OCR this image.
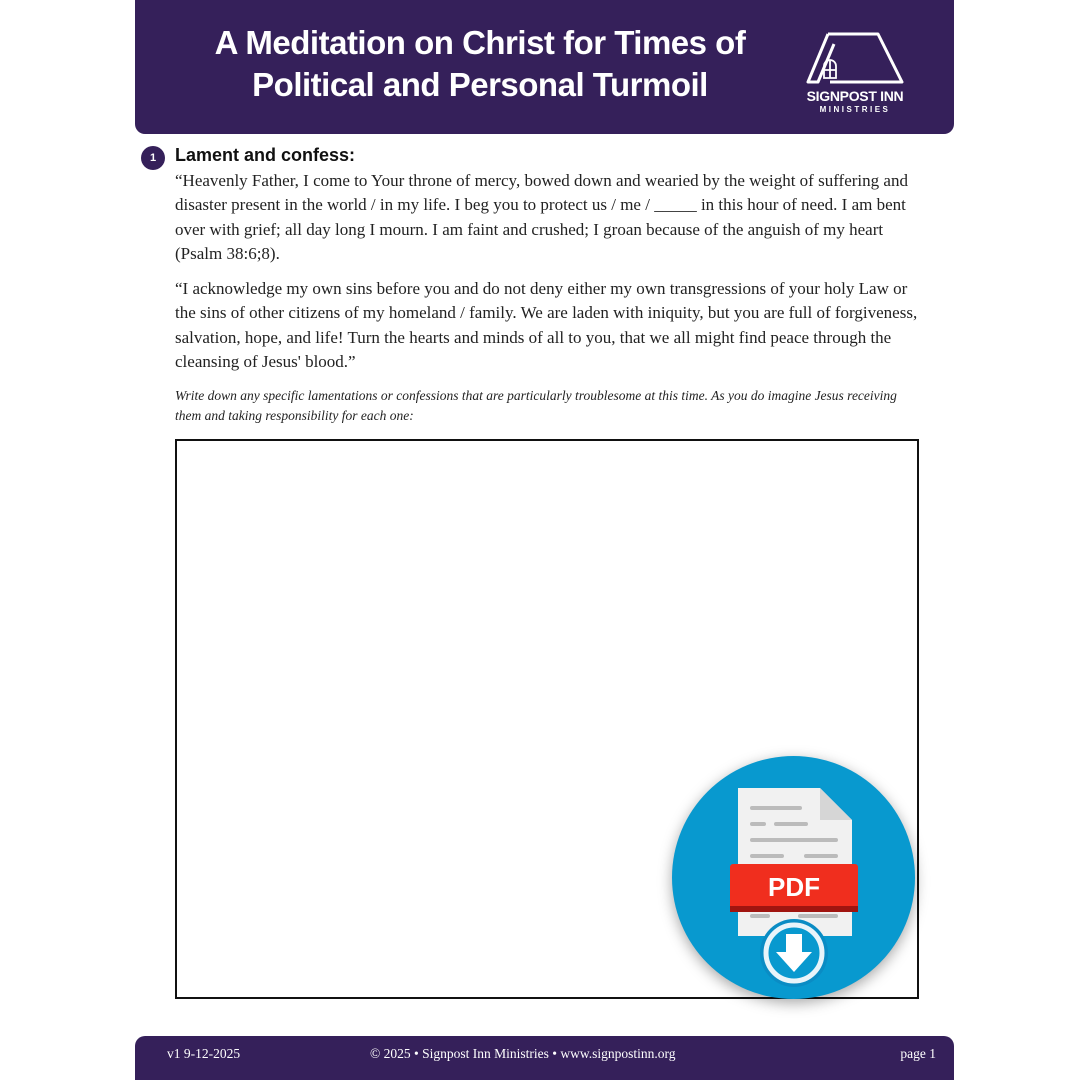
A Meditation on Christ for Times of Political and Personal Turmoil	SIGNPOST INN
MINISTRIES
1	Lament and confess:
“Heavenly Father, I come to Your throne of mercy, bowed down and wearied by the weight of suffering and disaster present in the world / in my life. I beg you to protect us / me / _____ in this hour of need. I am bent over with grief; all day long I mourn. I am faint and crushed; I groan because of the anguish of my heart (Psalm 38:6;8).
“I acknowledge my own sins before you and do not deny either my own transgressions of your holy Law or the sins of other citizens of my homeland / family. We are laden with iniquity, but you are full of forgiveness, salvation, hope, and life! Turn the hearts and minds of all to you, that we all might find peace through the cleansing of Jesus' blood.”
Write down any specific lamentations or confessions that are particularly troublesome at this time. As you do imagine Jesus receiving them and taking responsibility for each one:
PDF
v1 9-12-2025	© 2025 • Signpost Inn Ministries • www.signpostinn.org	page 1
